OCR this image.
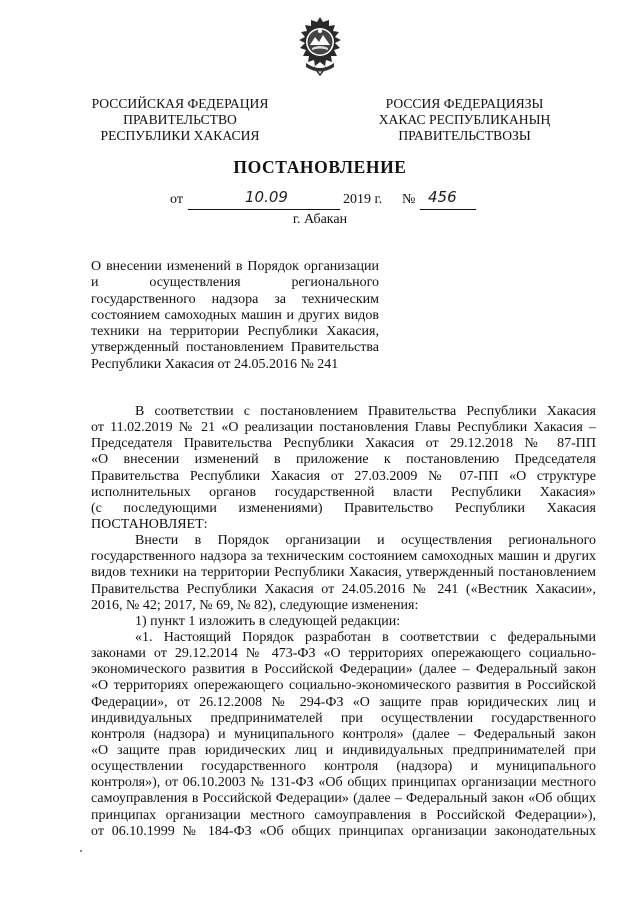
РОССИЙСКАЯ ФЕДЕРАЦИЯ
ПРАВИТЕЛЬСТВО
РЕСПУБЛИКИ ХАКАСИЯ
РОССИЯ ФЕДЕРАЦИЯЗЫ
ХАКАС РЕСПУБЛИКАНЫҢ
ПРАВИТЕЛЬСТВОЗЫ
ПОСТАНОВЛЕНИЕ
от	10.09	2019 г. № 456
г. Абакан
О внесении изменений в Порядок организации
и осуществления регионального
государственного надзора за техническим
состоянием самоходных машин и других видов
техники на территории Республики Хакасия,
утвержденный постановлением Правительства
Республики Хакасия от 24.05.2016 № 241
В соответствии с постановлением Правительства Республики Хакасия
от 11.02.2019 № 21 «О реализации постановления Главы Республики Хакасия –
Председателя Правительства Республики Хакасия от 29.12.2018 № 87-ПП
«О внесении изменений в приложение к постановлению Председателя
Правительства Республики Хакасия от 27.03.2009 № 07-ПП «О структуре
исполнительных органов государственной власти Республики Хакасия»
(с последующими изменениями) Правительство Республики Хакасия
ПОСТАНОВЛЯЕТ:
Внести в Порядок организации и осуществления регионального
государственного надзора за техническим состоянием самоходных машин и других
видов техники на территории Республики Хакасия, утвержденный постановлением
Правительства Республики Хакасия от 24.05.2016 № 241 («Вестник Хакасии»,
2016, № 42; 2017, № 69, № 82), следующие изменения:
1) пункт 1 изложить в следующей редакции:
«1. Настоящий Порядок разработан в соответствии с федеральными
законами от 29.12.2014 № 473-ФЗ «О территориях опережающего социально-
экономического развития в Российской Федерации» (далее – Федеральный закон
«О территориях опережающего социально-экономического развития в Российской
Федерации», от 26.12.2008 № 294-ФЗ «О защите прав юридических лиц и
индивидуальных предпринимателей при осуществлении государственного
контроля (надзора) и муниципального контроля» (далее – Федеральный закон
«О защите прав юридических лиц и индивидуальных предпринимателей при
осуществлении государственного контроля (надзора) и муниципального
контроля»), от 06.10.2003 № 131-ФЗ «Об общих принципах организации местного
самоуправления в Российской Федерации» (далее – Федеральный закон «Об общих
принципах организации местного самоуправления в Российской Федерации»),
от 06.10.1999 № 184-ФЗ «Об общих принципах организации законодательных
